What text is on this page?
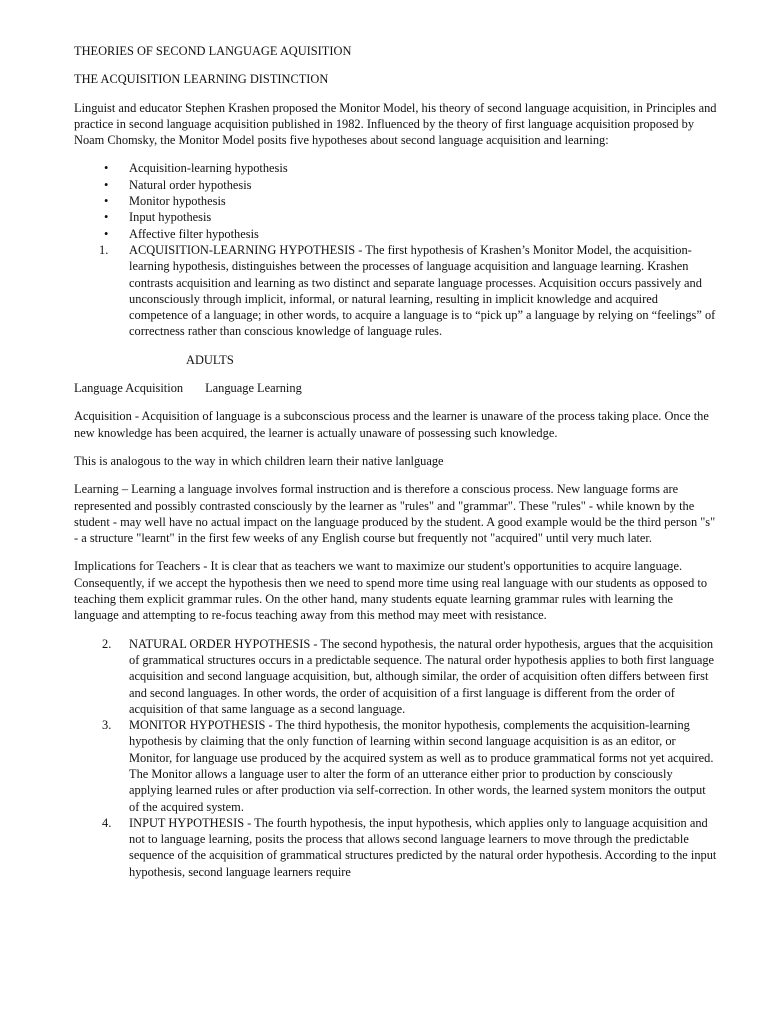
THEORIES OF SECOND LANGUAGE AQUISITION

THE ACQUISITION LEARNING DISTINCTION

Linguist and educator Stephen Krashen proposed the Monitor Model, his theory of second language acquisition, in Principles and practice in second language acquisition published in 1982. Influenced by the theory of first language acquisition proposed by Noam Chomsky, the Monitor Model posits five hypotheses about second language acquisition and learning:

• Acquisition-learning hypothesis
• Natural order hypothesis
• Monitor hypothesis
• Input hypothesis
• Affective filter hypothesis
1.	ACQUISITION-LEARNING HYPOTHESIS - The first hypothesis of Krashen’s Monitor Model, the acquisition-learning hypothesis, distinguishes between the processes of language acquisition and language learning. Krashen contrasts acquisition and learning as two distinct and separate language processes. Acquisition occurs passively and unconsciously through implicit, informal, or natural learning, resulting in implicit knowledge and acquired competence of a language; in other words, to acquire a language is to “pick up” a language by relying on “feelings” of correctness rather than conscious knowledge of language rules.

ADULTS

Language Acquisition Language Learning

Acquisition - Acquisition of language is a subconscious process and the learner is unaware of the process taking place. Once the new knowledge has been acquired, the learner is actually unaware of possessing such knowledge.

This is analogous to the way in which children learn their native lanlguage

Learning – Learning a language involves formal instruction and is therefore a conscious process. New language forms are represented and possibly contrasted consciously by the learner as "rules" and "grammar". These "rules" - while known by the student - may well have no actual impact on the language produced by the student. A good example would be the third person "s" - a structure "learnt" in the first few weeks of any English course but frequently not "acquired" until very much later.

Implications for Teachers - It is clear that as teachers we want to maximize our student's opportunities to acquire language. Consequently, if we accept the hypothesis then we need to spend more time using real language with our students as opposed to teaching them explicit grammar rules. On the other hand, many students equate learning grammar rules with learning the language and attempting to re-focus teaching away from this method may meet with resistance.

2.	NATURAL ORDER HYPOTHESIS - The second hypothesis, the natural order hypothesis, argues that the acquisition of grammatical structures occurs in a predictable sequence. The natural order hypothesis applies to both first language acquisition and second language acquisition, but, although similar, the order of acquisition often differs between first and second languages. In other words, the order of acquisition of a first language is different from the order of acquisition of that same language as a second language.
3.	MONITOR HYPOTHESIS - The third hypothesis, the monitor hypothesis, complements the acquisition-learning hypothesis by claiming that the only function of learning within second language acquisition is as an editor, or Monitor, for language use produced by the acquired system as well as to produce grammatical forms not yet acquired. The Monitor allows a language user to alter the form of an utterance either prior to production by consciously applying learned rules or after production via self-correction. In other words, the learned system monitors the output of the acquired system.
4.	INPUT HYPOTHESIS - The fourth hypothesis, the input hypothesis, which applies only to language acquisition and not to language learning, posits the process that allows second language learners to move through the predictable sequence of the acquisition of grammatical structures predicted by the natural order hypothesis. According to the input hypothesis, second language learners require
